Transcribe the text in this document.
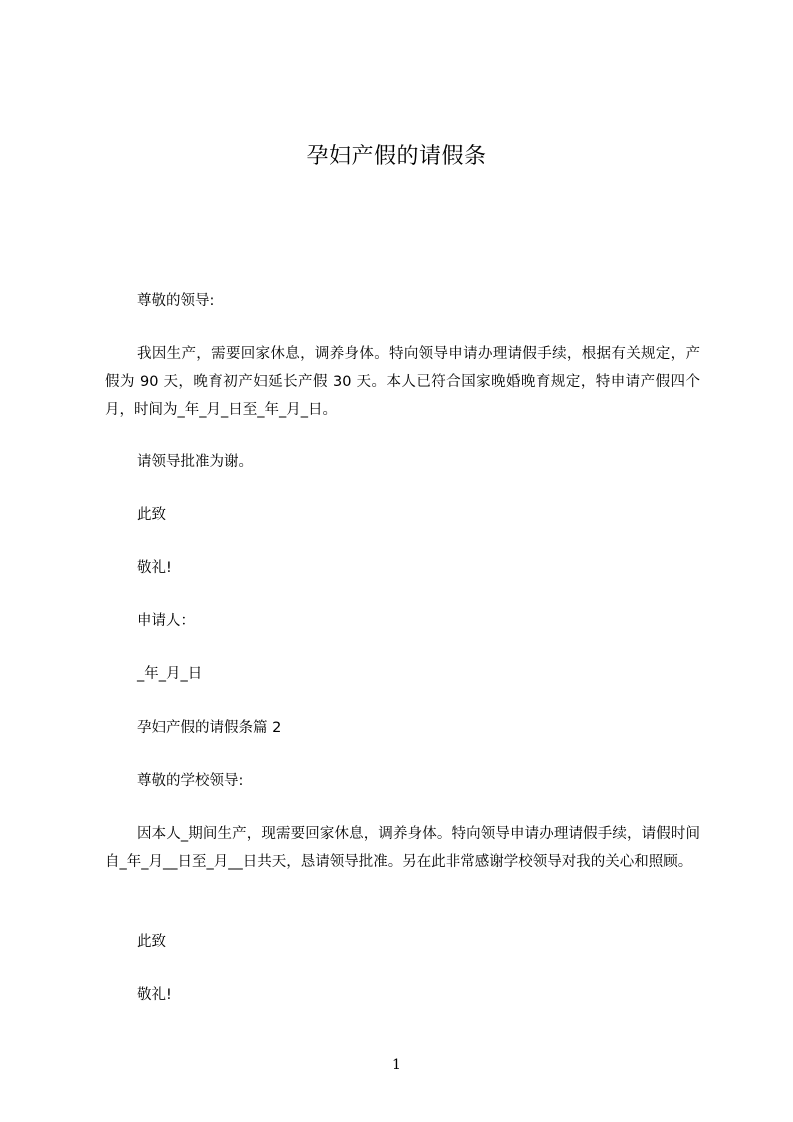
孕妇产假的请假条
尊敬的领导:
我因生产，需要回家休息，调养身体。特向领导申请办理请假手续，根据有关规定，产假为 90 天，晚育初产妇延长产假 30 天。本人已符合国家晚婚晚育规定，特申请产假四个月，时间为_年_月_日至_年_月_日。
请领导批准为谢。
此致
敬礼!
申请人：
_年_月_日
孕妇产假的请假条篇 2
尊敬的学校领导:
因本人_期间生产，现需要回家休息，调养身体。特向领导申请办理请假手续，请假时间自_年_月__日至_月__日共天，恳请领导批准。另在此非常感谢学校领导对我的关心和照顾。
此致
敬礼!
1
